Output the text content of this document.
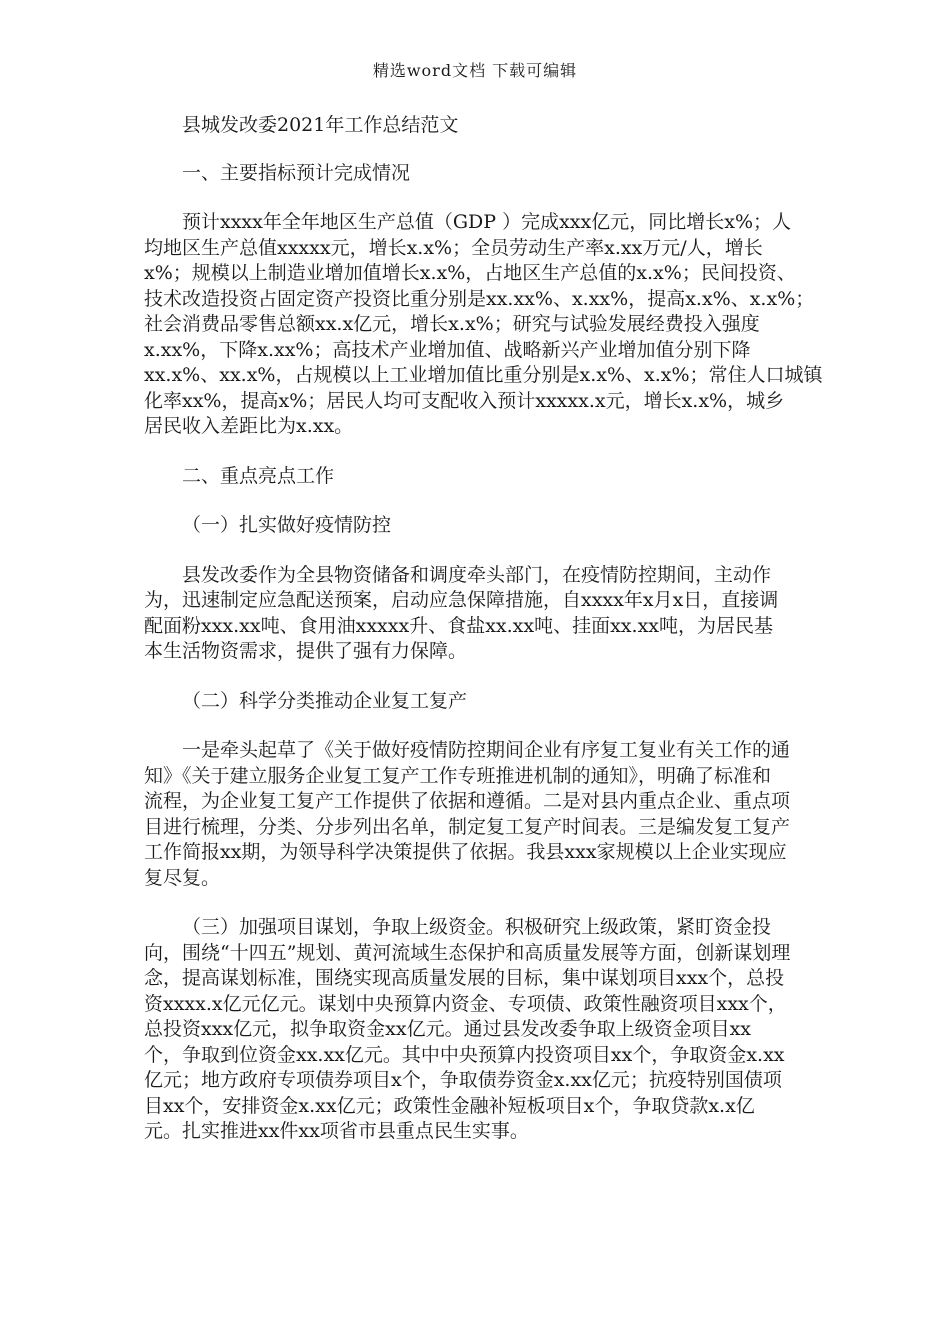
精选word文档 下载可编辑
县城发改委2021年工作总结范文
一、主要指标预计完成情况
预计xxxx年全年地区生产总值（GDP ）完成xxx亿元，同比增长x%；人
均地区生产总值xxxxx元，增长x.x%；全员劳动生产率x.xx万元/人，增长
x%；规模以上制造业增加值增长x.x%，占地区生产总值的x.x%；民间投资、
技术改造投资占固定资产投资比重分别是xx.xx%、x.xx%，提高x.x%、x.x%；
社会消费品零售总额xx.x亿元，增长x.x%；研究与试验发展经费投入强度
x.xx%，下降x.xx%；高技术产业增加值、战略新兴产业增加值分别下降
xx.x%、xx.x%，占规模以上工业增加值比重分别是x.x%、x.x%；常住人口城镇
化率xx%，提高x%；居民人均可支配收入预计xxxxx.x元，增长x.x%，城乡
居民收入差距比为x.xx。
二、重点亮点工作
（一）扎实做好疫情防控
县发改委作为全县物资储备和调度牵头部门，在疫情防控期间，主动作
为，迅速制定应急配送预案，启动应急保障措施，自xxxx年x月x日，直接调
配面粉xxx.xx吨、食用油xxxxx升、食盐xx.xx吨、挂面xx.xx吨，为居民基
本生活物资需求，提供了强有力保障。
（二）科学分类推动企业复工复产
一是牵头起草了《关于做好疫情防控期间企业有序复工复业有关工作的通
知》《关于建立服务企业复工复产工作专班推进机制的通知》，明确了标准和
流程，为企业复工复产工作提供了依据和遵循。二是对县内重点企业、重点项
目进行梳理，分类、分步列出名单，制定复工复产时间表。三是编发复工复产
工作简报xx期，为领导科学决策提供了依据。我县xxx家规模以上企业实现应
复尽复。
（三）加强项目谋划，争取上级资金。积极研究上级政策，紧盯资金投
向，围绕“十四五”规划、黄河流域生态保护和高质量发展等方面，创新谋划理
念，提高谋划标准，围绕实现高质量发展的目标，集中谋划项目xxx个，总投
资xxxx.x亿元亿元。谋划中央预算内资金、专项债、政策性融资项目xxx个，
总投资xxx亿元，拟争取资金xx亿元。通过县发改委争取上级资金项目xx
个，争取到位资金xx.xx亿元。其中中央预算内投资项目xx个，争取资金x.xx
亿元；地方政府专项债券项目x个，争取债券资金x.xx亿元；抗疫特别国债项
目xx个，安排资金x.xx亿元；政策性金融补短板项目x个，争取贷款x.x亿
元。扎实推进xx件xx项省市县重点民生实事。
